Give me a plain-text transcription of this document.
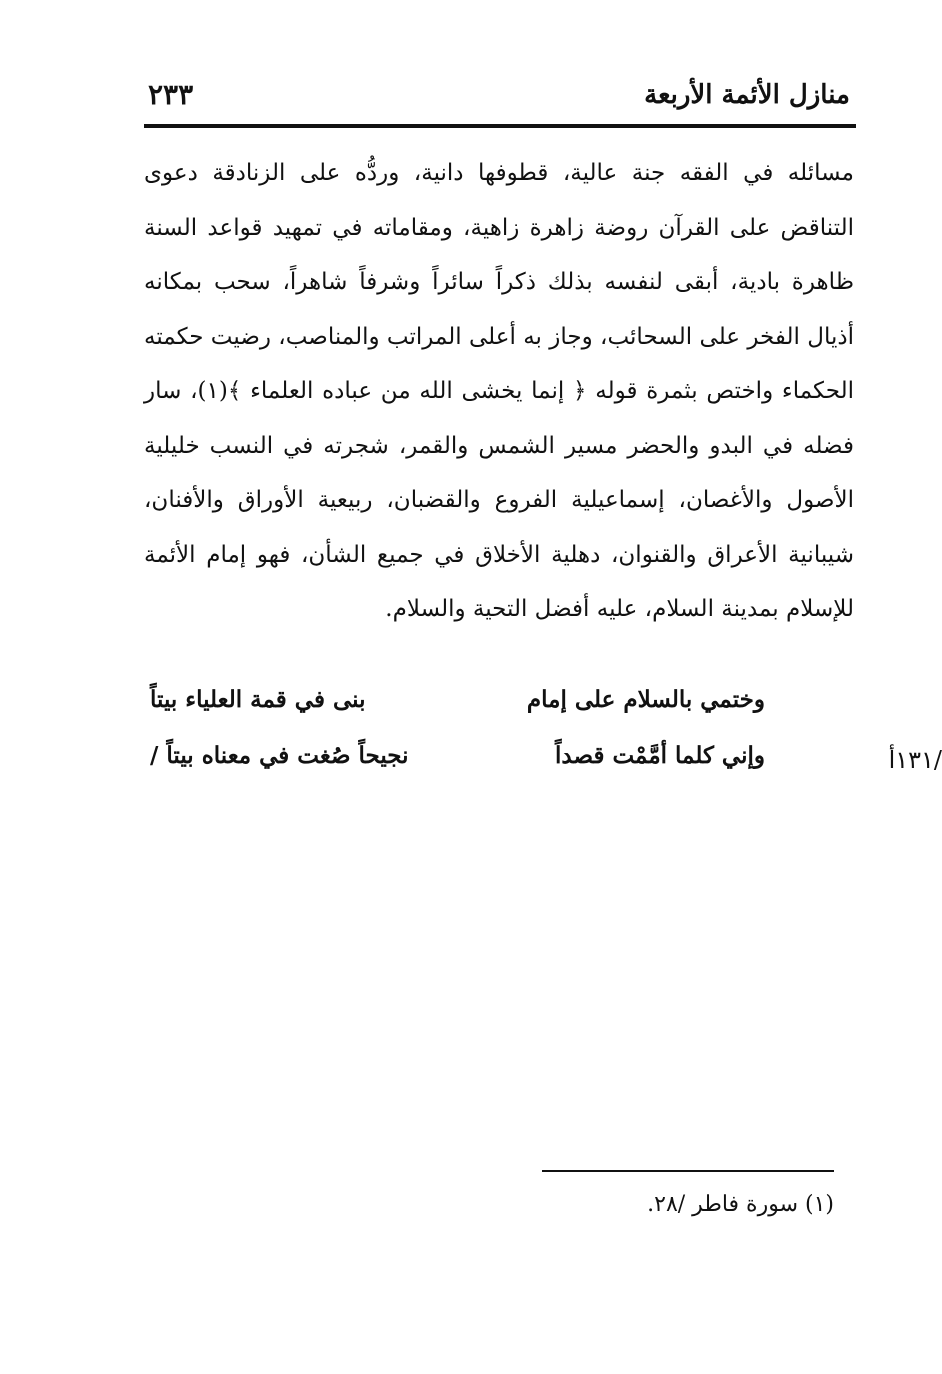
منازل الأئمة الأربعة
٢٣٣
مسائله في الفقه جنة عالية، قطوفها دانية، وردُّه على الزنادقة دعوى التناقض على القرآن روضة زاهرة زاهية، ومقاماته في تمهيد قواعد السنة ظاهرة بادية، أبقى لنفسه بذلك ذكراً سائراً وشرفاً شاهراً، سحب بمكانه أذيال الفخر على السحائب، وجاز به أعلى المراتب والمناصب، رضيت حكمته الحكماء واختص بثمرة قوله ﴿ إنما يخشى الله من عباده العلماء ﴾(١)، سار فضله في البدو والحضر مسير الشمس والقمر، شجرته في النسب خليلية الأصول والأغصان، إسماعيلية الفروع والقضبان، ربيعية الأوراق والأفنان، شيبانية الأعراق والقنوان، دهلية الأخلاق في جميع الشأن، فهو إمام الأئمة للإسلام بمدينة السلام، عليه أفضل التحية والسلام.
وختمي بالسلام على إمام
بنى في قمة العلياء بيتاً
وإني كلما أمَّمْت قصداً
نجيحاً صُغت في معناه بيتاً /	/١٣١أ
(١) سورة فاطر /٢٨.
